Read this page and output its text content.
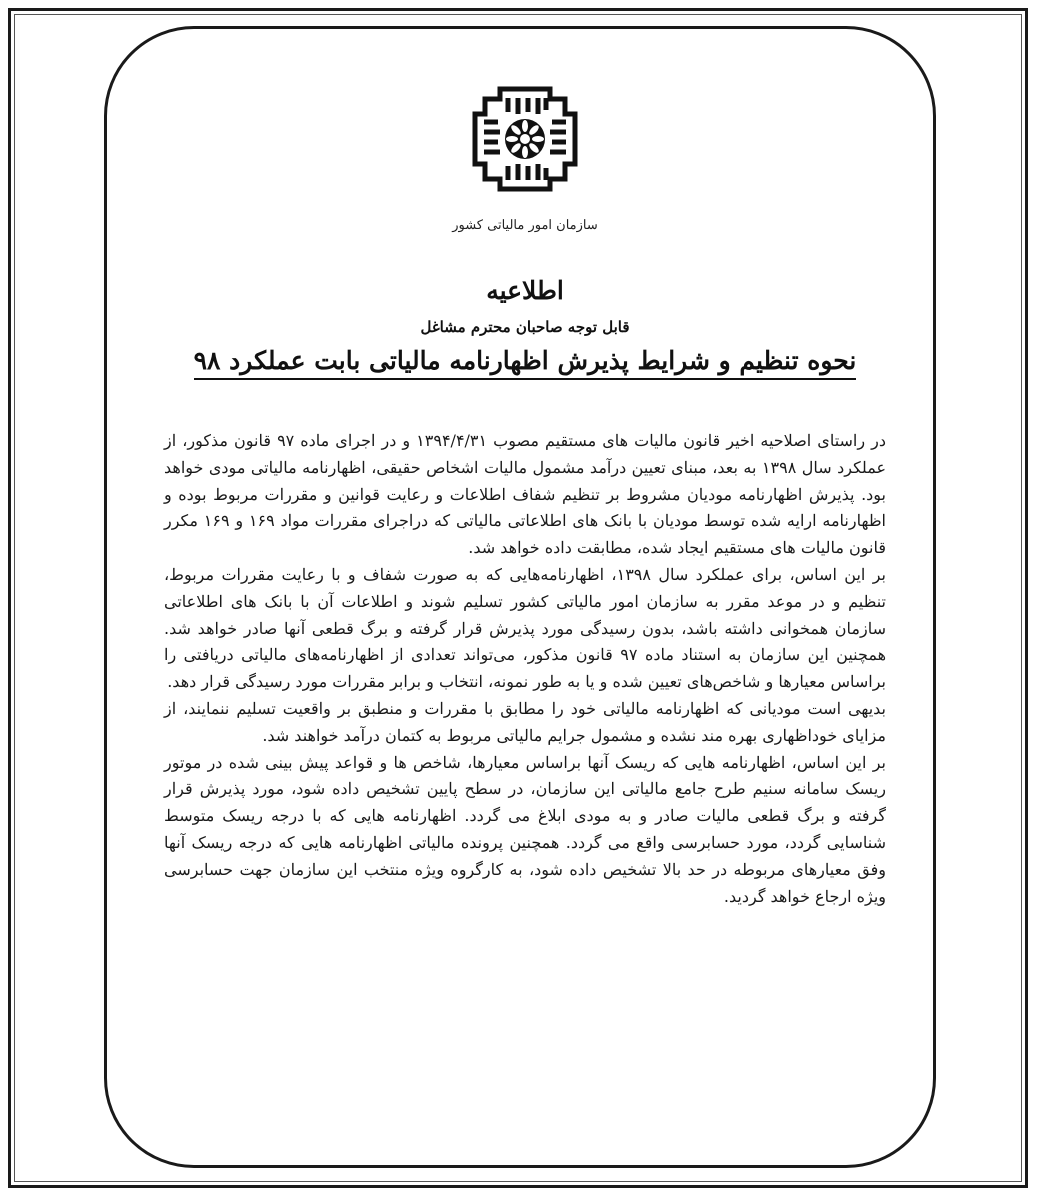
سازمان امور مالیاتی کشور
اطلاعیه
قابل توجه صاحبان محترم مشاغل
نحوه تنظیم و شرایط پذیرش اظهارنامه مالیاتی بابت عملکرد ۹۸

در راستای اصلاحیه اخیر قانون مالیات های مستقیم مصوب ۱۳۹۴/۴/۳۱ و در اجرای ماده ۹۷ قانون مذکور، از عملکرد سال ۱۳۹۸ به بعد، مبنای تعیین درآمد مشمول مالیات اشخاص حقیقی، اظهارنامه مالیاتی مودی خواهد بود. پذیرش اظهارنامه مودیان مشروط بر تنظیم شفاف اطلاعات و رعایت قوانین و مقررات مربوط بوده و اظهارنامه ارایه شده توسط مودیان با بانک های اطلاعاتی مالیاتی که دراجرای مقررات مواد ۱۶۹ و ۱۶۹ مکرر قانون مالیات های مستقیم ایجاد شده، مطابقت داده خواهد شد.

بر این اساس، برای عملکرد سال ۱۳۹۸، اظهارنامه‌هایی که به صورت شفاف و با رعایت مقررات مربوط، تنظیم و در موعد مقرر به سازمان امور مالیاتی کشور تسلیم شوند و اطلاعات آن با بانک های اطلاعاتی سازمان همخوانی داشته باشد، بدون رسیدگی مورد پذیرش قرار گرفته و برگ قطعی آنها صادر خواهد شد. همچنین این سازمان به استناد ماده ۹۷ قانون مذکور، می‌تواند تعدادی از اظهارنامه‌های مالیاتی دریافتی را براساس معیارها و شاخص‌های تعیین شده و یا به طور نمونه، انتخاب و برابر مقررات مورد رسیدگی قرار دهد.

بدیهی است مودیانی که اظهارنامه مالیاتی خود را مطابق با مقررات و منطبق بر واقعیت تسلیم ننمایند، از مزایای خوداظهاری بهره مند نشده و مشمول جرایم مالیاتی مربوط به کتمان درآمد خواهند شد.

بر این اساس، اظهارنامه هایی که ریسک آنها براساس معیارها، شاخص ها و قواعد پیش بینی شده در موتور ریسک سامانه سنیم طرح جامع مالیاتی این سازمان، در سطح پایین تشخیص داده شود، مورد پذیرش قرار گرفته و برگ قطعی مالیات صادر و به مودی ابلاغ می گردد. اظهارنامه هایی که با درجه ریسک متوسط شناسایی گردد، مورد حسابرسی واقع می گردد. همچنین پرونده مالیاتی اظهارنامه هایی که درجه ریسک آنها وفق معیارهای مربوطه در حد بالا تشخیص داده شود، به کارگروه ویژه منتخب این سازمان جهت حسابرسی ویژه ارجاع خواهد گردید.
